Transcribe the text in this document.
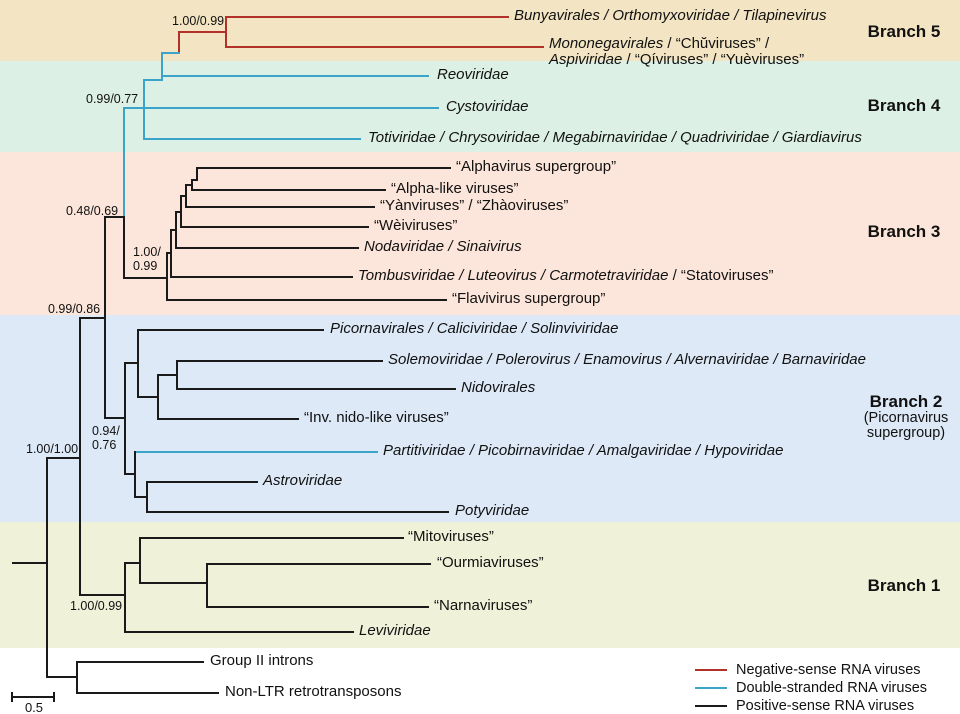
Bunyavirales / Orthomyxoviridae / Tilapinevirus
Mononegavirales / “Chŭviruses” /
Aspiviridae / “Qíviruses” / “Yuèviruses”
Reoviridae
Cystoviridae
Totiviridae / Chrysoviridae / Megabirnaviridae / Quadriviridae / Giardiavirus
“Alphavirus supergroup”
“Alpha-like viruses”
“Yànviruses” / “Zhàoviruses”
“Wèiviruses”
Nodaviridae / Sinaivirus
Tombusviridae / Luteovirus / Carmotetraviridae / “Statoviruses”
“Flavivirus supergroup”
Picornavirales / Caliciviridae / Solinviviridae
Solemoviridae / Polerovirus / Enamovirus / Alvernaviridae / Barnaviridae
Nidovirales
“Inv. nido-like viruses”
Partitiviridae / Picobirnaviridae / Amalgaviridae / Hypoviridae
Astroviridae
Potyviridae
“Mitoviruses”
“Ourmiaviruses”
“Narnaviruses”
Leviviridae
Group II introns
Non-LTR retrotransposons
1.00/0.99
0.99/0.77
0.48/0.69
1.00/
0.99
0.99/0.86
0.94/
0.76
1.00/1.00
1.00/0.99
Branch 5
Branch 4
Branch 3
Branch 2
(Picornavirus
supergroup)
Branch 1
Negative-sense RNA viruses
Double-stranded RNA viruses
Positive-sense RNA viruses
0.5
